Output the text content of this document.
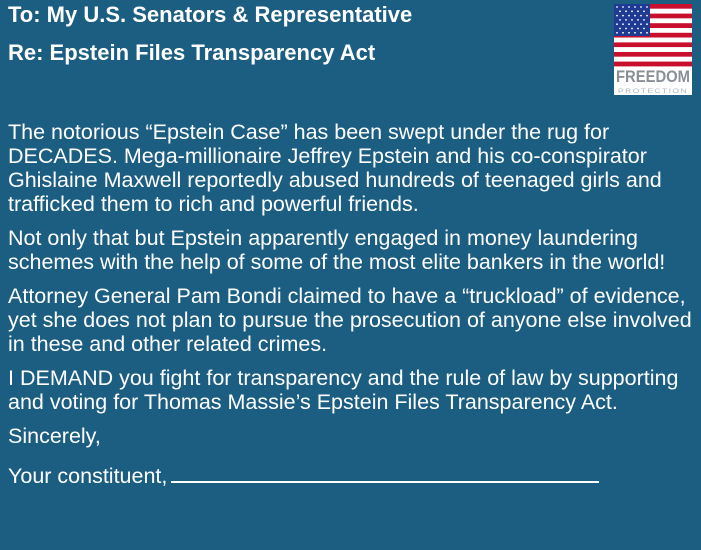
To: My U.S. Senators & Representative
Re: Epstein Files Transparency Act
FREEDOM
PROTECTION

The notorious “Epstein Case” has been swept under the rug for DECADES. Mega-millionaire Jeffrey Epstein and his co-conspirator Ghislaine Maxwell reportedly abused hundreds of teenaged girls and trafficked them to rich and powerful friends.

Not only that but Epstein apparently engaged in money laundering schemes with the help of some of the most elite bankers in the world!

Attorney General Pam Bondi claimed to have a “truckload” of evidence, yet she does not plan to pursue the prosecution of anyone else involved in these and other related crimes.

I DEMAND you fight for transparency and the rule of law by supporting and voting for Thomas Massie’s Epstein Files Transparency Act.

Sincerely,

Your constituent,
